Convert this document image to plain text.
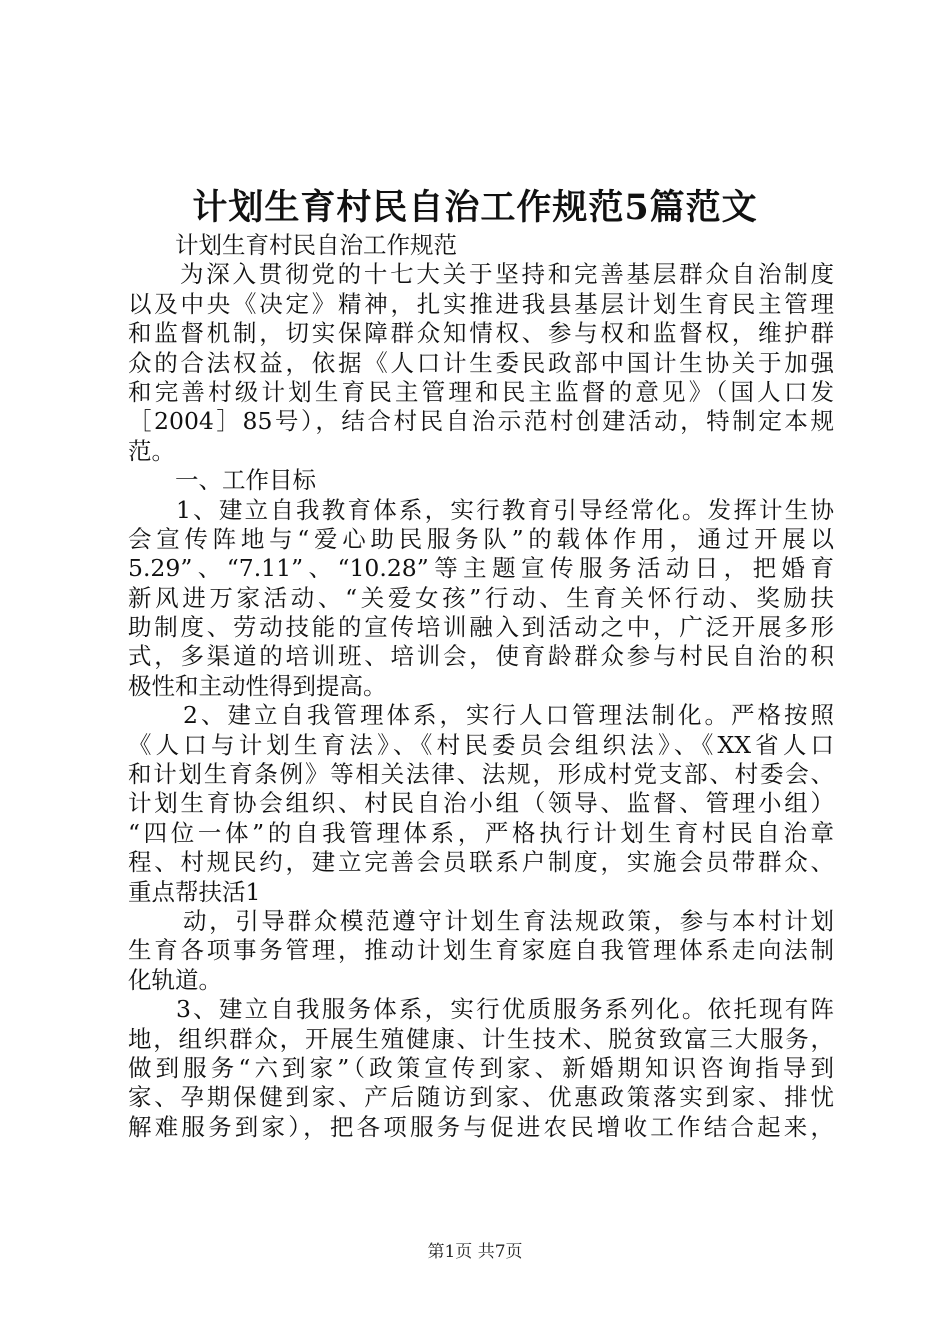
计划生育村民自治工作规范5篇范文
计划生育村民自治工作规范
为深入贯彻党的十七大关于坚持和完善基层群众自治制度
以及中央《决定》精神，扎实推进我县基层计划生育民主管理
和监督机制，切实保障群众知情权、参与权和监督权，维护群
众的合法权益，依据《人口计生委民政部中国计生协关于加强
和完善村级计划生育民主管理和民主监督的意见》（国人口发
［2004］85号），结合村民自治示范村创建活动，特制定本规
范。
一、工作目标
1、建立自我教育体系，实行教育引导经常化。发挥计生协
会宣传阵地与“爱心助民服务队”的载体作用，通过开展以
5.29”、“7.11”、“10.28”等主题宣传服务活动日，把婚育
新风进万家活动、“关爱女孩”行动、生育关怀行动、奖励扶
助制度、劳动技能的宣传培训融入到活动之中，广泛开展多形
式，多渠道的培训班、培训会，使育龄群众参与村民自治的积
极性和主动性得到提高。
2、建立自我管理体系，实行人口管理法制化。严格按照
《人口与计划生育法》、《村民委员会组织法》、《XX省人口
和计划生育条例》等相关法律、法规，形成村党支部、村委会、
计划生育协会组织、村民自治小组（领导、监督、管理小组）
“四位一体”的自我管理体系，严格执行计划生育村民自治章
程、村规民约，建立完善会员联系户制度，实施会员带群众、
重点帮扶活1
动，引导群众模范遵守计划生育法规政策，参与本村计划
生育各项事务管理，推动计划生育家庭自我管理体系走向法制
化轨道。
3、建立自我服务体系，实行优质服务系列化。依托现有阵
地，组织群众，开展生殖健康、计生技术、脱贫致富三大服务，
做到服务“六到家”（政策宣传到家、新婚期知识咨询指导到
家、孕期保健到家、产后随访到家、优惠政策落实到家、排忧
解难服务到家），把各项服务与促进农民增收工作结合起来，
第1页 共7页
